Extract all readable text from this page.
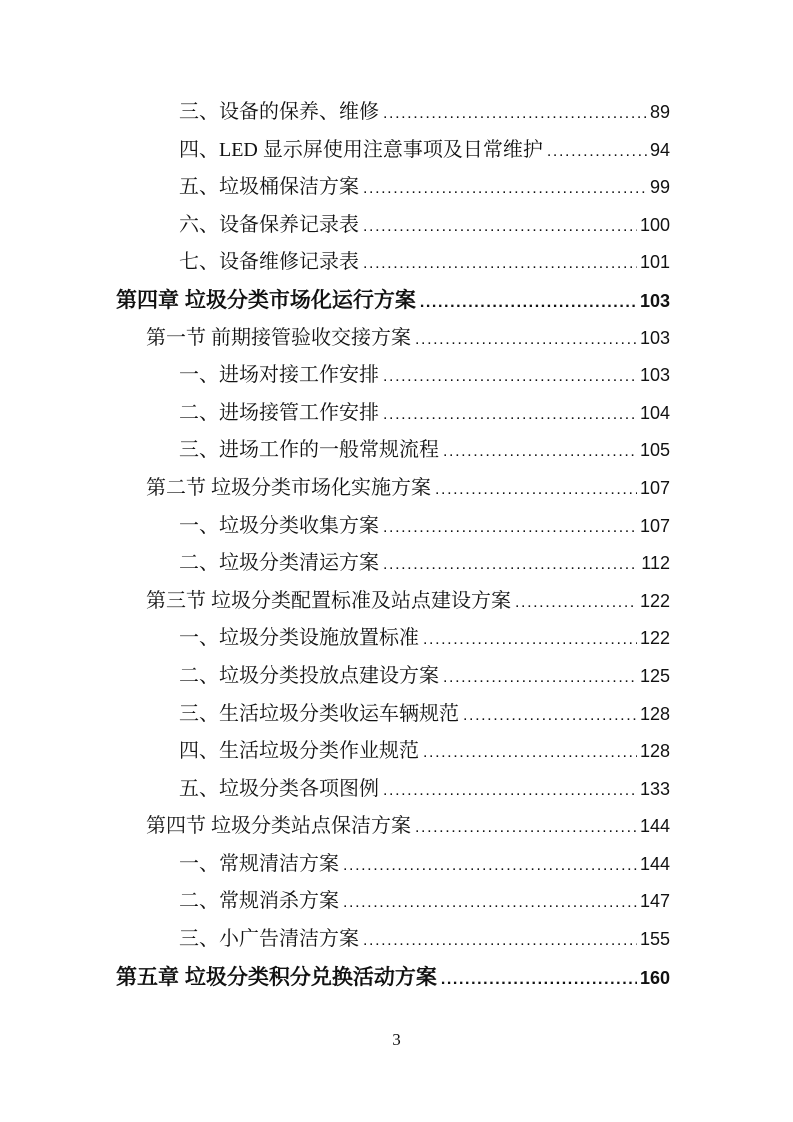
三、设备的保养、维修 .....	89
四、LED 显示屏使用注意事项及日常维护 .....	94
五、垃圾桶保洁方案 .....	99
六、设备保养记录表 .....	100
七、设备维修记录表 .....	101
第四章 垃圾分类市场化运行方案 .....	103
第一节 前期接管验收交接方案 .....	103
一、进场对接工作安排 .....	103
二、进场接管工作安排 .....	104
三、进场工作的一般常规流程 .....	105
第二节 垃圾分类市场化实施方案 .....	107
一、垃圾分类收集方案 .....	107
二、垃圾分类清运方案 .....	112
第三节 垃圾分类配置标准及站点建设方案 .....	122
一、垃圾分类设施放置标准 .....	122
二、垃圾分类投放点建设方案 .....	125
三、生活垃圾分类收运车辆规范 .....	128
四、生活垃圾分类作业规范 .....	128
五、垃圾分类各项图例 .....	133
第四节 垃圾分类站点保洁方案 .....	144
一、常规清洁方案 .....	144
二、常规消杀方案 .....	147
三、小广告清洁方案 .....	155
第五章 垃圾分类积分兑换活动方案 .....	160
3
